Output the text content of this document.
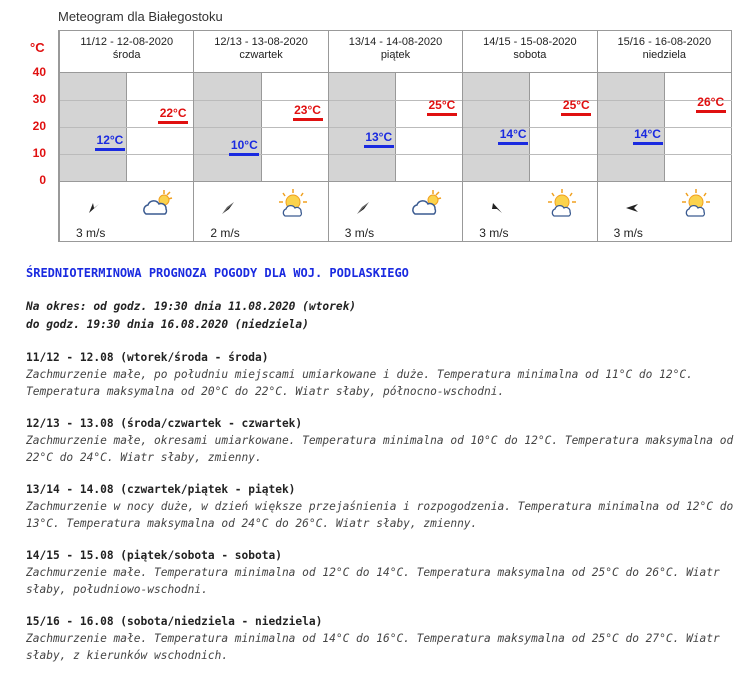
Meteogram dla Białegostoku
°C
40
30
20
10
0
11/12 - 12-08-2020
środa
12°C
22°C
3 m/s
12/13 - 13-08-2020
czwartek
10°C
23°C
2 m/s
13/14 - 14-08-2020
piątek
13°C
25°C
3 m/s
14/15 - 15-08-2020
sobota
14°C
25°C
3 m/s
15/16 - 16-08-2020
niedziela
14°C
26°C
3 m/s
ŚREDNIOTERMINOWA PROGNOZA POGODY DLA WOJ. PODLASKIEGO
Na okres: od godz. 19:30 dnia 11.08.2020 (wtorek)
do godz. 19:30 dnia 16.08.2020 (niedziela)
11/12 - 12.08 (wtorek/środa - środa)

Zachmurzenie małe, po południu miejscami umiarkowane i duże. Temperatura minimalna od 11°C do 12°C. Temperatura maksymalna od 20°C do 22°C. Wiatr słaby, północno-wschodni.

12/13 - 13.08 (środa/czwartek - czwartek)

Zachmurzenie małe, okresami umiarkowane. Temperatura minimalna od 10°C do 12°C. Temperatura maksymalna od 22°C do 24°C. Wiatr słaby, zmienny.

13/14 - 14.08 (czwartek/piątek - piątek)

Zachmurzenie w nocy duże, w dzień większe przejaśnienia i rozpogodzenia. Temperatura minimalna od 12°C do 13°C. Temperatura maksymalna od 24°C do 26°C. Wiatr słaby, zmienny.

14/15 - 15.08 (piątek/sobota - sobota)

Zachmurzenie małe. Temperatura minimalna od 12°C do 14°C. Temperatura maksymalna od 25°C do 26°C. Wiatr słaby, południowo-wschodni.

15/16 - 16.08 (sobota/niedziela - niedziela)

Zachmurzenie małe. Temperatura minimalna od 14°C do 16°C. Temperatura maksymalna od 25°C do 27°C. Wiatr słaby, z kierunków wschodnich.
